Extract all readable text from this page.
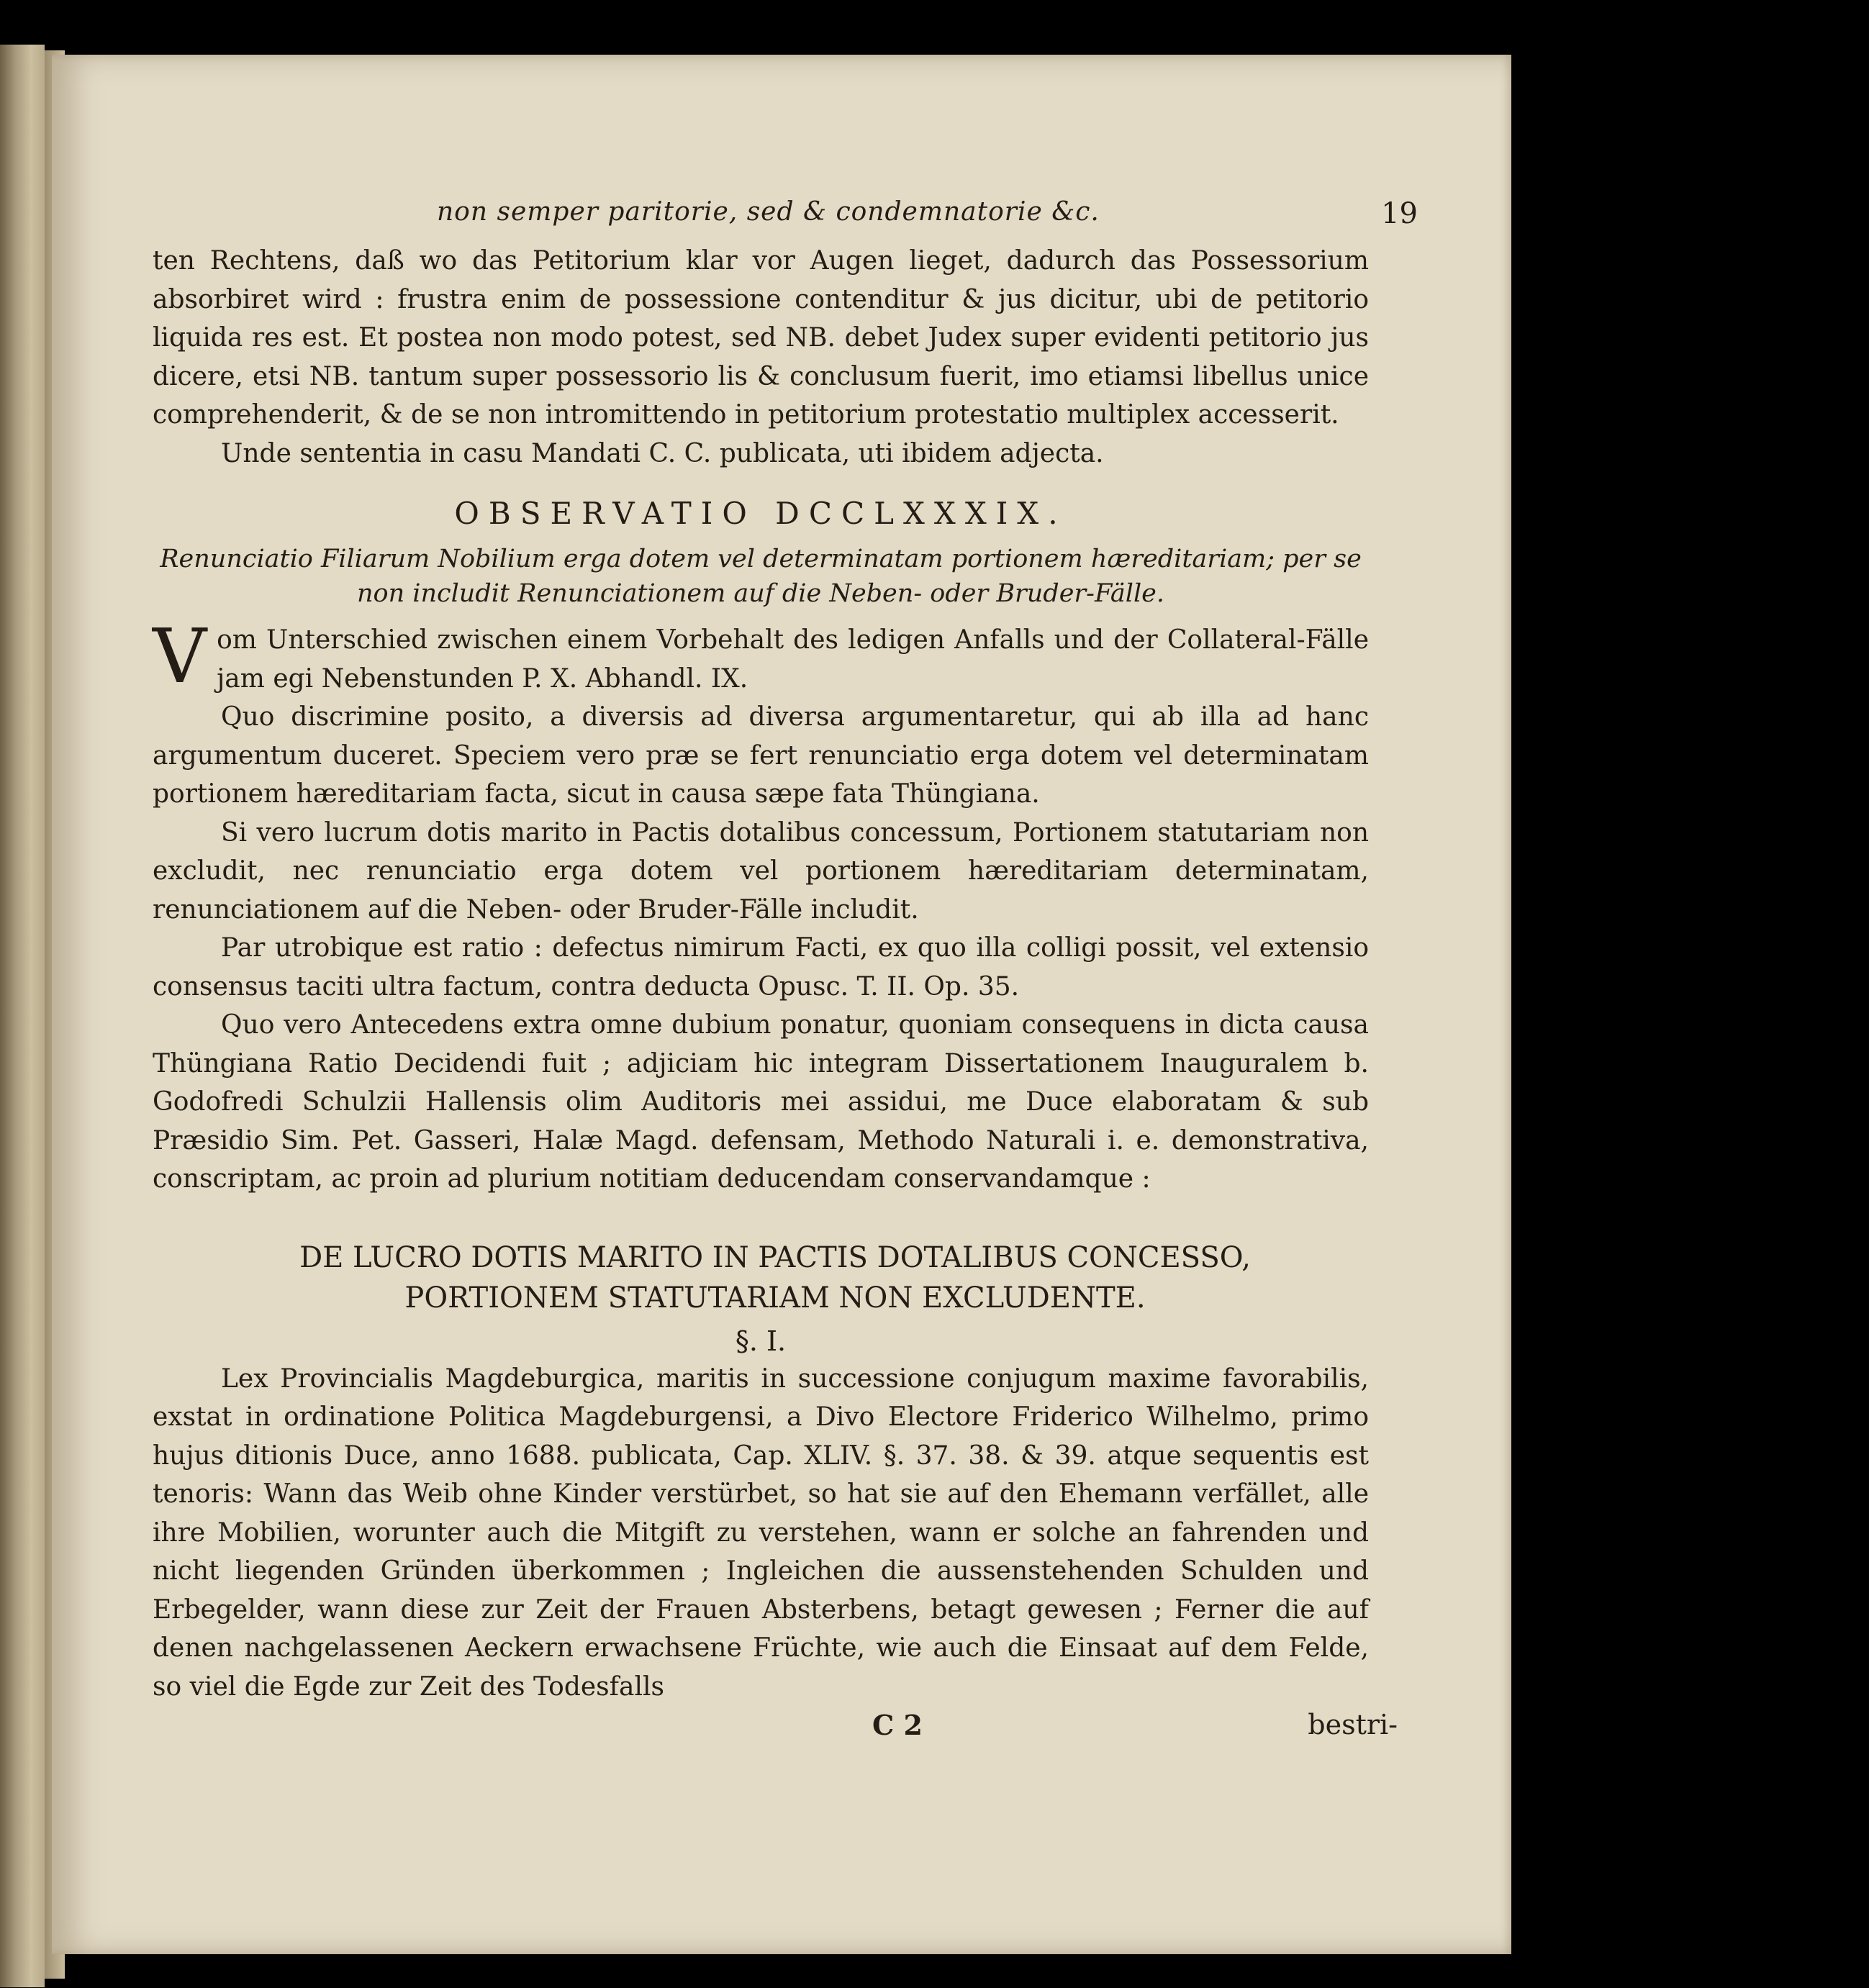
non semper paritorie, sed & condemnatorie &c.	19

ten Rechtens, daß wo das Petitorium klar vor Augen lieget, dadurch das Possessorium absorbiret wird : frustra enim de possessione contenditur & jus dicitur, ubi de petitorio liquida res est. Et postea non modo potest, sed NB. debet Judex super evidenti petitorio jus dicere, etsi NB. tantum super possessorio lis & conclusum fuerit, imo etiamsi libellus unice comprehenderit, & de se non intromittendo in petitorium protestatio multiplex accesserit.

Unde sententia in casu Mandati C. C. publicata, uti ibidem adjecta.

OBSERVATIO DCCLXXXIX.
Renunciatio Filiarum Nobilium erga dotem vel determinatam portionem hæreditariam; per se non includit Renunciationem auf die Neben- oder Bruder-Fälle.

Vom Unterschied zwischen einem Vorbehalt des ledigen Anfalls und der Collateral-Fälle jam egi Nebenstunden P. X. Abhandl. IX.

Quo discrimine posito, a diversis ad diversa argumentaretur, qui ab illa ad hanc argumentum duceret. Speciem vero præ se fert renunciatio erga dotem vel determinatam portionem hæreditariam facta, sicut in causa sæpe fata Thüngiana.

Si vero lucrum dotis marito in Pactis dotalibus concessum, Portionem statutariam non excludit, nec renunciatio erga dotem vel portionem hæreditariam determinatam, renunciationem auf die Neben- oder Bruder-Fälle includit.

Par utrobique est ratio : defectus nimirum Facti, ex quo illa colligi possit, vel extensio consensus taciti ultra factum, contra deducta Opusc. T. II. Op. 35.

Quo vero Antecedens extra omne dubium ponatur, quoniam consequens in dicta causa Thüngiana Ratio Decidendi fuit ; adjiciam hic integram Dissertationem Inauguralem b. Godofredi Schulzii Hallensis olim Auditoris mei assidui, me Duce elaboratam & sub Præsidio Sim. Pet. Gasseri, Halæ Magd. defensam, Methodo Naturali i. e. demonstrativa, conscriptam, ac proin ad plurium notitiam deducendam conservandamque :

DE LUCRO DOTIS MARITO IN PACTIS DOTALIBUS CONCESSO,
PORTIONEM STATUTARIAM NON EXCLUDENTE.
§. I.

Lex Provincialis Magdeburgica, maritis in successione conjugum maxime favorabilis, exstat in ordinatione Politica Magdeburgensi, a Divo Electore Friderico Wilhelmo, primo hujus ditionis Duce, anno 1688. publicata, Cap. XLIV. §. 37. 38. & 39. atque sequentis est tenoris: Wann das Weib ohne Kinder verstürbet, so hat sie auf den Ehemann verfället, alle ihre Mobilien, worunter auch die Mitgift zu verstehen, wann er solche an fahrenden und nicht liegenden Gründen überkommen ; Ingleichen die aussenstehenden Schulden und Erbegelder, wann diese zur Zeit der Frauen Absterbens, betagt gewesen ; Ferner die auf denen nachgelassenen Aeckern erwachsene Früchte, wie auch die Einsaat auf dem Felde, so viel die Egde zur Zeit des Todesfalls

C 2	bestri-
